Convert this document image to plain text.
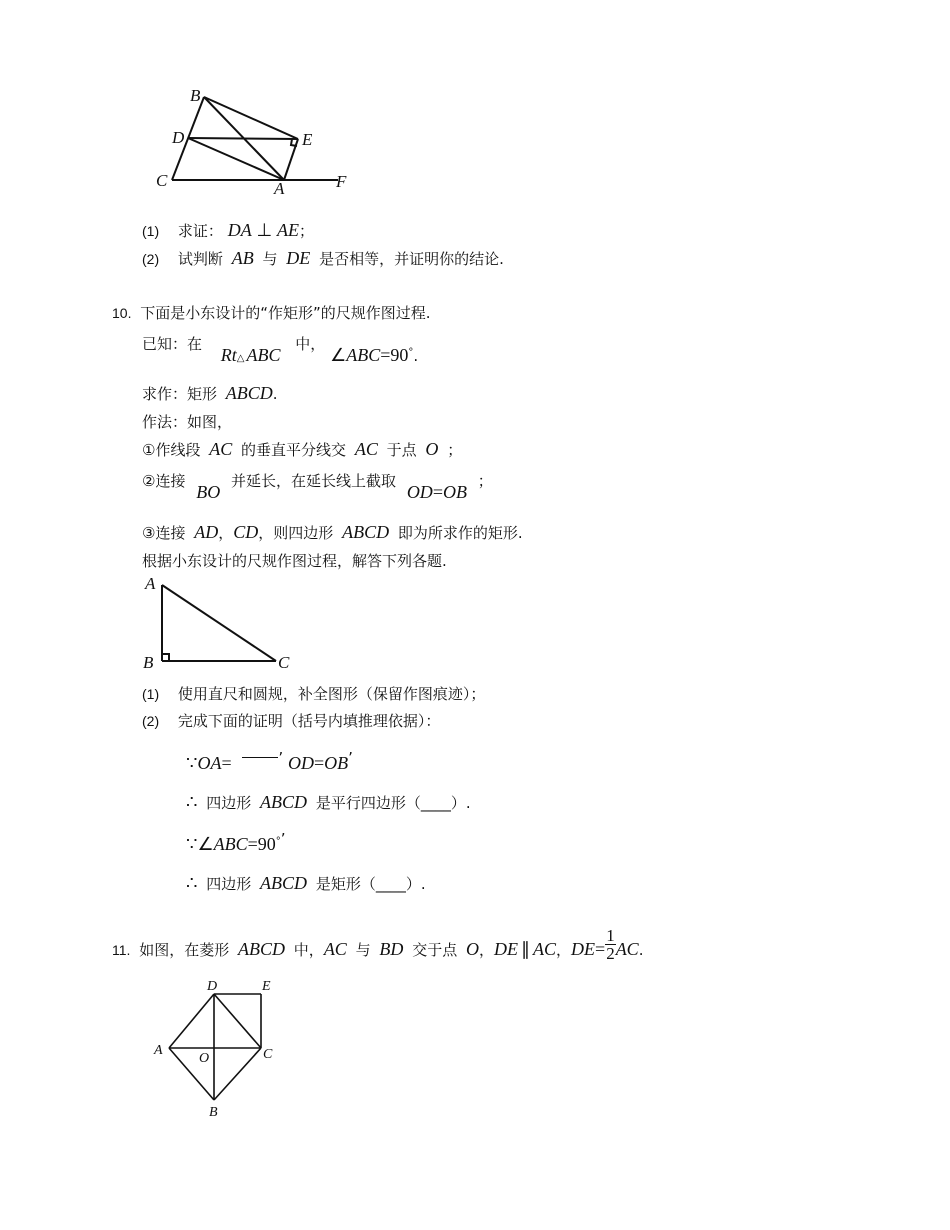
B
D	E
C	A	F
(1) 求证： DA ⊥ AE；
(2) 试判断 AB 与 DE 是否相等，并证明你的结论.
10. 下面是小东设计的“作矩形”的尺规作图过程.
已知：在 Rt△ ABC 中， ∠ABC=90°.
求作：矩形 ABCD.
作法：如图，
①作线段 AC 的垂直平分线交 AC 于点 O ；
②连接 BO 并延长，在延长线上截取 OD=OB ；
③连接 AD，CD，则四边形 ABCD 即为所求作的矩形.
根据小东设计的尺规作图过程，解答下列各题.
A
B	C
(1) 使用直尺和圆规，补全图形（保留作图痕迹）；
(2) 完成下面的证明（括号内填推理依据）：
∵OA=	’ OD=OB’
∴ 四边形 ABCD 是平行四边形（____）.
∵∠ABC=90°’
∴ 四边形 ABCD 是矩形（____）.
11. 如图，在菱形 ABCD 中，AC 与 BD 交于点 O，DE ∥ AC，$DE= \frac{1}{2}$ AC.
D	E
A
O	C
B
